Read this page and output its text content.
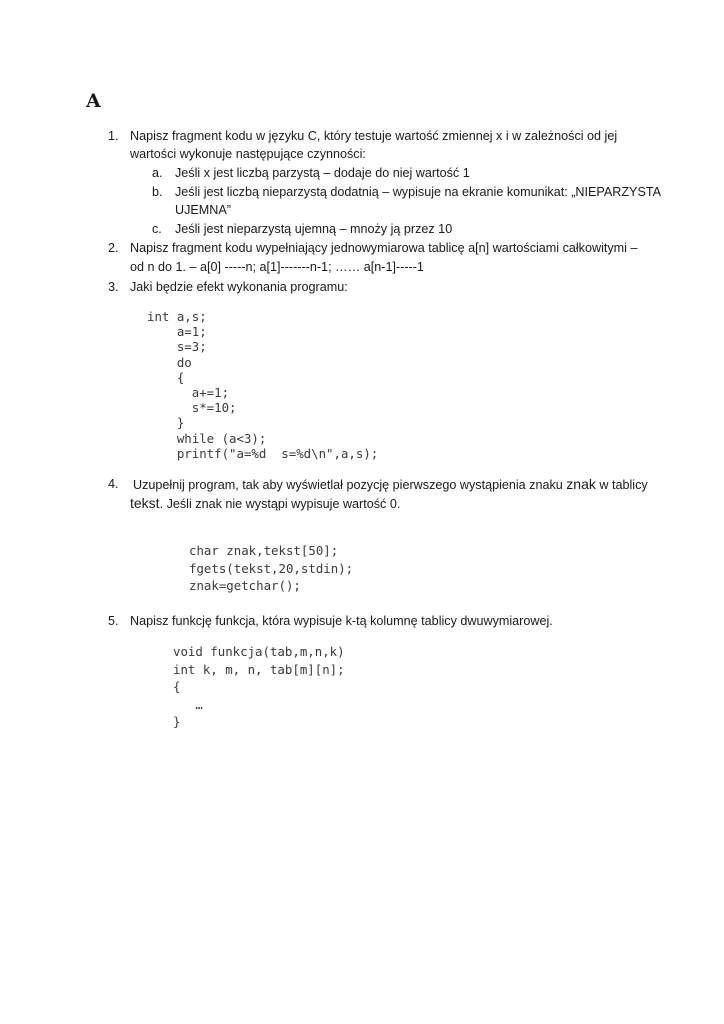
A
1. Napisz fragment kodu w języku C, który testuje wartość zmiennej x i w zależności od jej
wartości wykonuje następujące czynności:
a. Jeśli x jest liczbą parzystą – dodaje do niej wartość 1
b. Jeśli jest liczbą nieparzystą dodatnią – wypisuje na ekranie komunikat: „NIEPARZYSTA
UJEMNA”
c. Jeśli jest nieparzystą ujemną – mnoży ją przez 10
2. Napisz fragment kodu wypełniający jednowymiarowa tablicę a[n] wartościami całkowitymi –
od n do 1. – a[0] -----n; a[1]-------n-1; …… a[n-1]-----1
3. Jaki będzie efekt wykonania programu:
int a,s;
a=1;
s=3;
do
{
a+=1;
s*=10;
}
while (a<3);
printf("a=%d  s=%d\n",a,s);
4. Uzupełnij program, tak aby wyświetlał pozycję pierwszego wystąpienia znaku znak w tablicy
tekst. Jeśli znak nie wystąpi wypisuje wartość 0.
char znak,tekst[50];
fgets(tekst,20,stdin);
znak=getchar();
5. Napisz funkcję funkcja, która wypisuje k-tą kolumnę tablicy dwuwymiarowej.
void funkcja(tab,m,n,k)
int k, m, n, tab[m][n];
{
…
}
